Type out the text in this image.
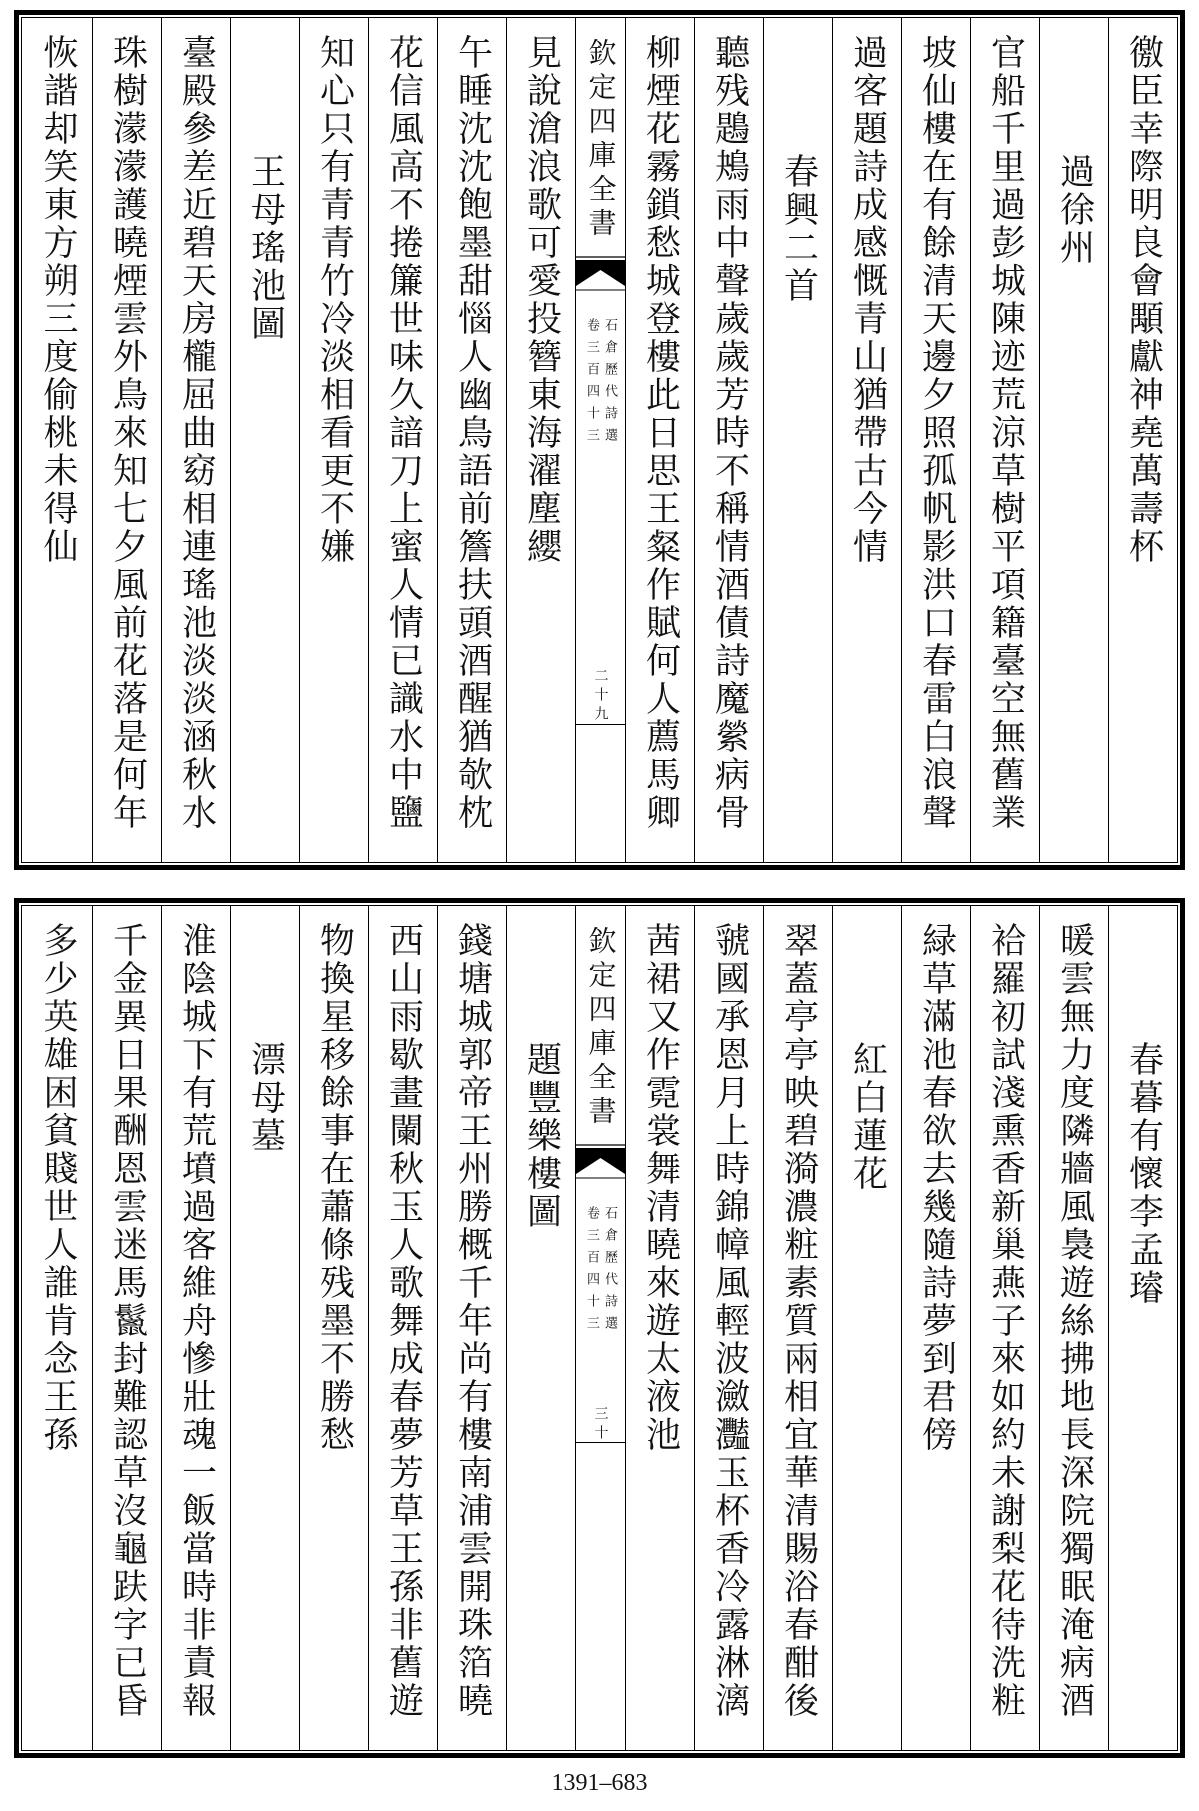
徼臣幸際明良會顒獻神堯萬壽杯
過徐州
官船千里過彭城陳迹荒涼草樹平項籍臺空無舊業
坡仙樓在有餘清天邊夕照孤帆影洪口春雷白浪聲
過客題詩成感慨青山猶帶古今情
春興二首
聽残鶗鴂雨中聲歲歲芳時不稱情酒債詩魔縈病骨
柳煙花霧鎖愁城登樓此日思王粲作賦何人薦馬卿
欽定四庫全書
石倉歷代詩選
卷三百四十三
二十九
見說滄浪歌可愛投簪東海濯塵纓
午睡沈沈飽墨甜惱人幽鳥語前簷扶頭酒醒猶欹枕
花信風高不捲簾世味久諳刀上蜜人情已識水中鹽
知心只有青青竹冷淡相看更不嫌
王母瑤池圖
臺殿參差近碧天房櫳屈曲窈相連瑤池淡淡涵秋水
珠樹濛濛護曉煙雲外鳥來知七夕風前花落是何年
恢諧却笑東方朔三度偷桃未得仙
春暮有懷李孟璿
暖雲無力度隣牆風裊遊絲拂地長深院獨眠淹病酒
袷羅初試淺熏香新巢燕子來如約未謝梨花待洗粧
緑草滿池春欲去幾隨詩夢到君傍
紅白蓮花
翠蓋亭亭映碧漪濃粧素質兩相宜華清賜浴春酣後
虢國承恩月上時錦幛風輕波瀲灩玉杯香冷露淋漓
茜裙又作霓裳舞清曉來遊太液池
欽定四庫全書
石倉歷代詩選
卷三百四十三
三十
題豐樂樓圖
錢塘城郭帝王州勝概千年尚有樓南浦雲開珠箔曉
西山雨歇畫闌秋玉人歌舞成春夢芳草王孫非舊遊
物換星移餘事在蕭條残墨不勝愁
漂母墓
淮陰城下有荒墳過客維舟慘壯魂一飯當時非責報
千金異日果酬恩雲迷馬鬣封難認草沒龜趺字已昏
多少英雄困貧賤世人誰肯念王孫
1391–683
